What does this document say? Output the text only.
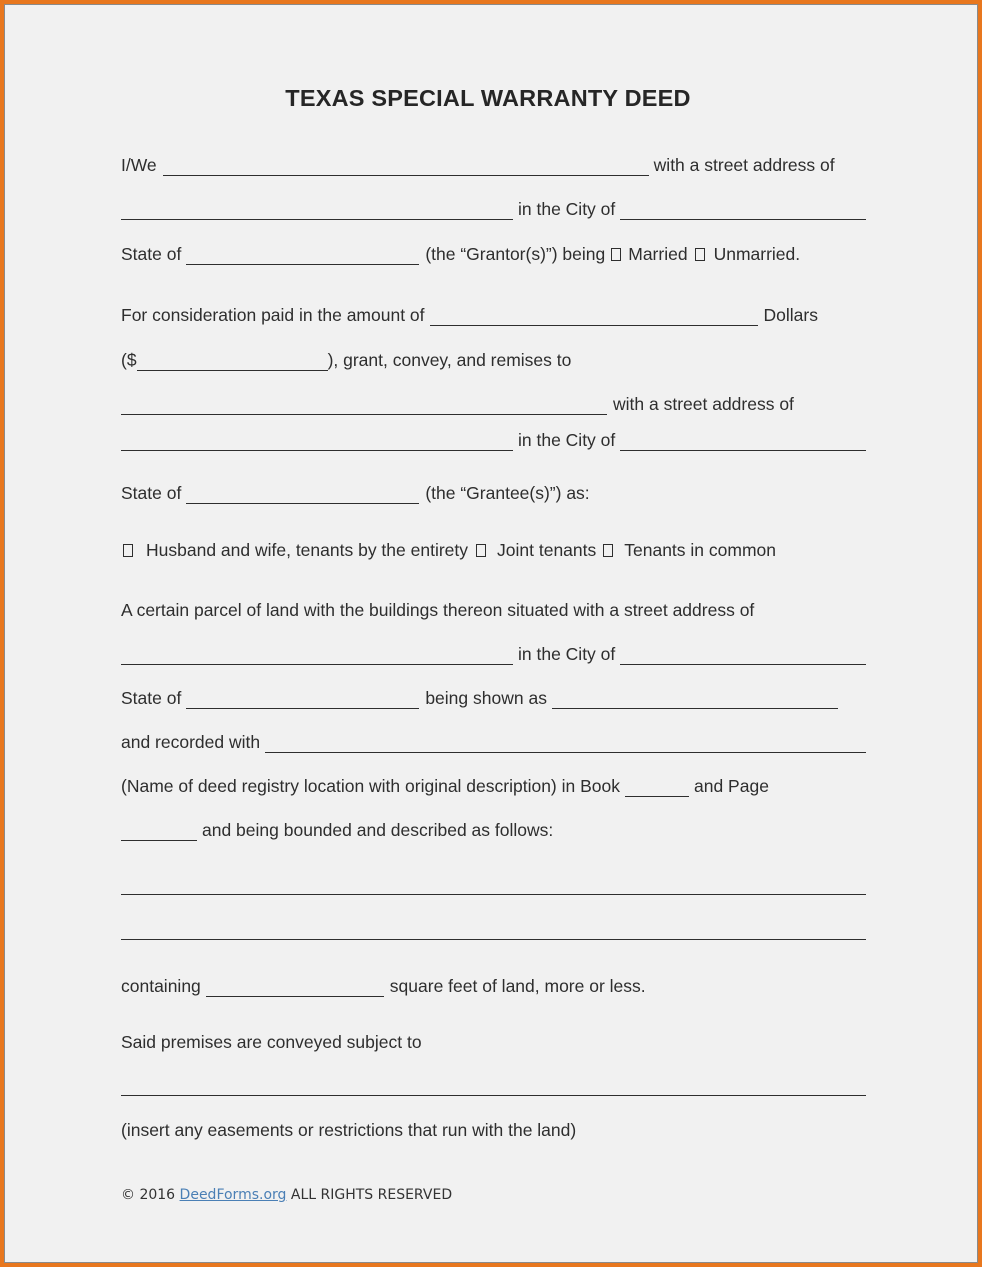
TEXAS SPECIAL WARRANTY DEED
I/We	with a street address of
in the City of
State of	(the “Grantor(s)”) being Married Unmarried.
For consideration paid in the amount of	Dollars
($	), grant, convey, and remises to
with a street address of
in the City of
State of	(the “Grantee(s)”) as:
Husband and wife, tenants by the entirety Joint tenants Tenants in common
A certain parcel of land with the buildings thereon situated with a street address of
in the City of
State of	being shown as
and recorded with
(Name of deed registry location with original description) in Book	and Page
and being bounded and described as follows:
containing	square feet of land, more or less.
Said premises are conveyed subject to
(insert any easements or restrictions that run with the land)
© 2016 DeedForms.org ALL RIGHTS RESERVED
